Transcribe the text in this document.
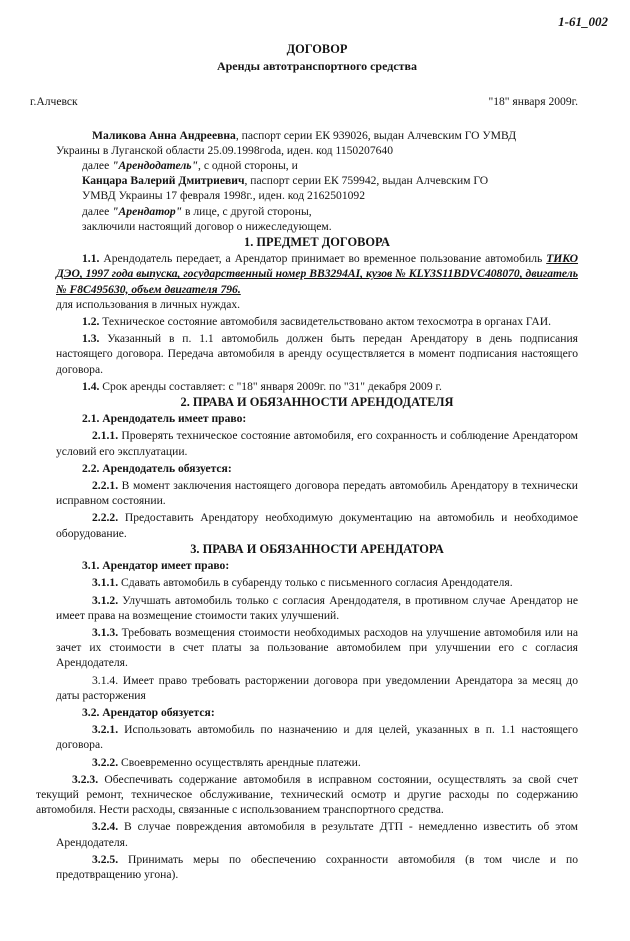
1-61_002
ДОГОВОР
Аренды автотранспортного средства
г.Алчевск	"18" января 2009г.

Маликова Анна Андреевна, паспорт серии ЕК 939026, выдан Алчевским ГО УМВД

Украины в Луганской области 25.09.1998гoda, иден. код 1150207640

далее "Арендодатель", с одной стороны, и

Канцара Валерий Дмитриевич, паспорт серии ЕК 759942, выдан Алчевским ГО

УМВД Украины 17 февраля 1998г., иден. код 2162501092

далее "Арендатор" в лице, с другой стороны,

заключили настоящий договор о нижеследующем.

1. ПРЕДМЕТ ДОГОВОРА

1.1. Арендодатель передает, а Арендатор принимает во временное пользование автомобиль ТИКО ДЭО, 1997 года выпуска, государственный номер ВВ3294АІ, кузов № KLY3S11BDVC408070, двигатель № F8C495630, объем двигателя 796.

для использования в личных нуждах.

1.2. Техническое состояние автомобиля засвидетельствовано актом техосмотра в органах ГАИ.

1.3. Указанный в п. 1.1 автомобиль должен быть передан Арендатору в день подписания настоящего договора. Передача автомобиля в аренду осуществляется в момент подписания настоящего договора.

1.4. Срок аренды составляет: с "18" января 2009г. по "31" декабря 2009 г.

2. ПРАВА И ОБЯЗАННОСТИ АРЕНДОДАТЕЛЯ

2.1. Арендодатель имеет право:

2.1.1. Проверять техническое состояние автомобиля, его сохранность и соблюдение Арендатором условий его эксплуатации.

2.2. Арендодатель обязуется:

2.2.1. В момент заключения настоящего договора передать автомобиль Арендатору в технически исправном состоянии.

2.2.2. Предоставить Арендатору необходимую документацию на автомобиль и необходимое оборудование.

3. ПРАВА И ОБЯЗАННОСТИ АРЕНДАТОРА

3.1. Арендатор имеет право:

3.1.1. Сдавать автомобиль в субаренду только с письменного согласия Арендодателя.

3.1.2. Улучшать автомобиль только с согласия Арендодателя, в противном случае Арендатор не имеет права на возмещение стоимости таких улучшений.

3.1.3. Требовать возмещения стоимости необходимых расходов на улучшение автомобиля или на зачет их стоимости в счет платы за пользование автомобилем при улучшении его с согласия Арендодателя.

3.1.4. Имеет право требовать расторжении договора при уведомлении Арендатора за месяц до даты расторжения

3.2. Арендатор обязуется:

3.2.1. Использовать автомобиль по назначению и для целей, указанных в п. 1.1 настоящего договора.

3.2.2. Своевременно осуществлять арендные платежи.

3.2.3. Обеспечивать содержание автомобиля в исправном состоянии, осуществлять за свой счет текущий ремонт, техническое обслуживание, технический осмотр и другие расходы по содержанию автомобиля. Нести расходы, связанные с использованием транспортного средства.

3.2.4. В случае повреждения автомобиля в результате ДТП - немедленно известить об этом Арендодателя.

3.2.5. Принимать меры по обеспечению сохранности автомобиля (в том числе и по предотвращению угона).
